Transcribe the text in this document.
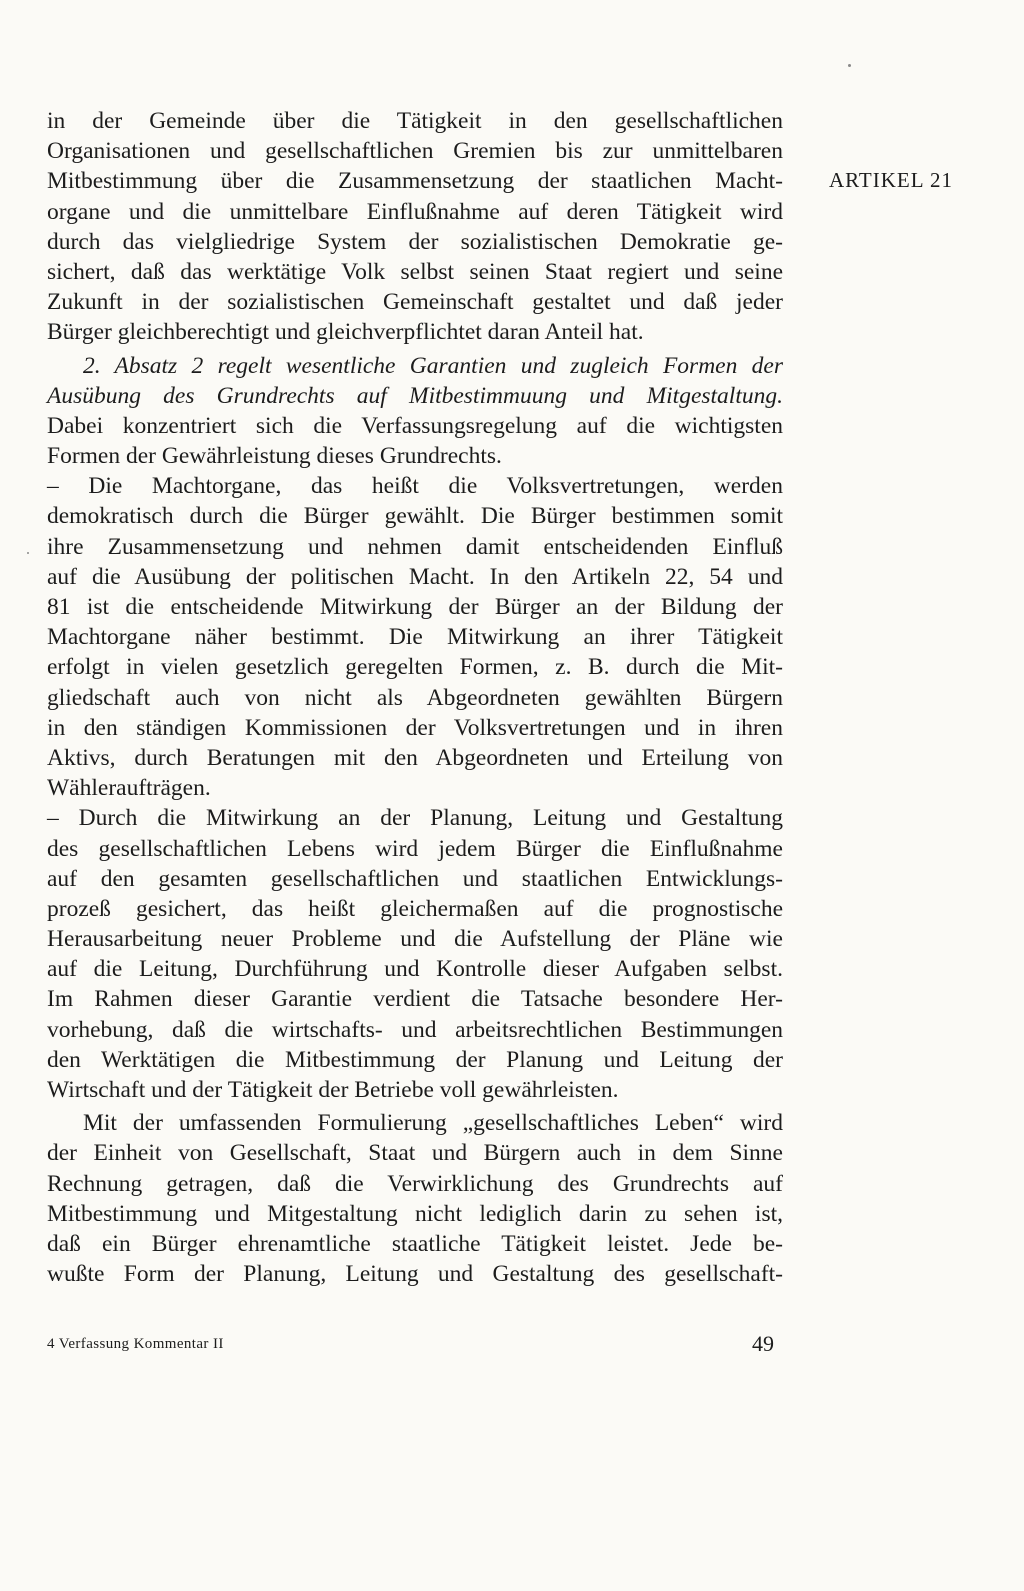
ARTIKEL 21
in der Gemeinde über die Tätigkeit in den gesellschaftlichen
Organisationen und gesellschaftlichen Gremien bis zur unmittelbaren
Mitbestimmung über die Zusammensetzung der staatlichen Macht-
organe und die unmittelbare Einflußnahme auf deren Tätigkeit wird
durch das vielgliedrige System der sozialistischen Demokratie ge-
sichert, daß das werktätige Volk selbst seinen Staat regiert und seine
Zukunft in der sozialistischen Gemeinschaft gestaltet und daß jeder
Bürger gleichberechtigt und gleichverpflichtet daran Anteil hat.
2. Absatz 2 regelt wesentliche Garantien und zugleich Formen der
Ausübung des Grundrechts auf Mitbestimmuung und Mitgestaltung.
Dabei konzentriert sich die Verfassungsregelung auf die wichtigsten
Formen der Gewährleistung dieses Grundrechts.
– Die Machtorgane, das heißt die Volksvertretungen, werden
demokratisch durch die Bürger gewählt. Die Bürger bestimmen somit
ihre Zusammensetzung und nehmen damit entscheidenden Einfluß
auf die Ausübung der politischen Macht. In den Artikeln 22, 54 und
81 ist die entscheidende Mitwirkung der Bürger an der Bildung der
Machtorgane näher bestimmt. Die Mitwirkung an ihrer Tätigkeit
erfolgt in vielen gesetzlich geregelten Formen, z. B. durch die Mit-
gliedschaft auch von nicht als Abgeordneten gewählten Bürgern
in den ständigen Kommissionen der Volksvertretungen und in ihren
Aktivs, durch Beratungen mit den Abgeordneten und Erteilung von
Wähleraufträgen.
– Durch die Mitwirkung an der Planung, Leitung und Gestaltung
des gesellschaftlichen Lebens wird jedem Bürger die Einflußnahme
auf den gesamten gesellschaftlichen und staatlichen Entwicklungs-
prozeß gesichert, das heißt gleichermaßen auf die prognostische
Herausarbeitung neuer Probleme und die Aufstellung der Pläne wie
auf die Leitung, Durchführung und Kontrolle dieser Aufgaben selbst.
Im Rahmen dieser Garantie verdient die Tatsache besondere Her-
vorhebung, daß die wirtschafts- und arbeitsrechtlichen Bestimmungen
den Werktätigen die Mitbestimmung der Planung und Leitung der
Wirtschaft und der Tätigkeit der Betriebe voll gewährleisten.
Mit der umfassenden Formulierung „gesellschaftliches Leben“ wird
der Einheit von Gesellschaft, Staat und Bürgern auch in dem Sinne
Rechnung getragen, daß die Verwirklichung des Grundrechts auf
Mitbestimmung und Mitgestaltung nicht lediglich darin zu sehen ist,
daß ein Bürger ehrenamtliche staatliche Tätigkeit leistet. Jede be-
wußte Form der Planung, Leitung und Gestaltung des gesellschaft-
4 Verfassung Kommentar II	49
